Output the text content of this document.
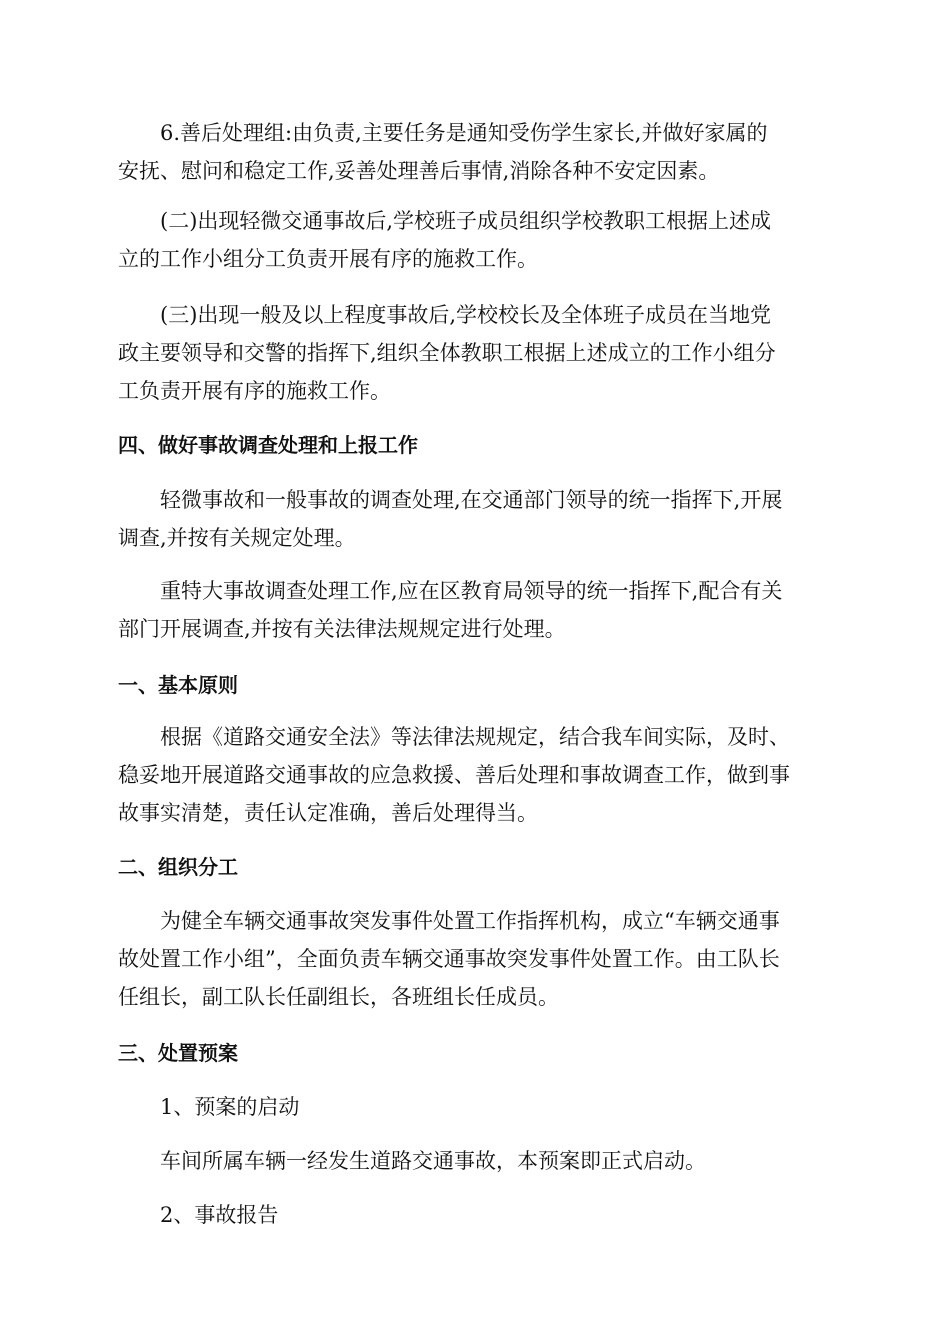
6.善后处理组:由负责,主要任务是通知受伤学生家长,并做好家属的
安抚、慰问和稳定工作,妥善处理善后事情,消除各种不安定因素。
(二)出现轻微交通事故后,学校班子成员组织学校教职工根据上述成
立的工作小组分工负责开展有序的施救工作。
(三)出现一般及以上程度事故后,学校校长及全体班子成员在当地党
政主要领导和交警的指挥下,组织全体教职工根据上述成立的工作小组分
工负责开展有序的施救工作。
四、做好事故调查处理和上报工作
轻微事故和一般事故的调查处理,在交通部门领导的统一指挥下,开展
调查,并按有关规定处理。
重特大事故调查处理工作,应在区教育局领导的统一指挥下,配合有关
部门开展调查,并按有关法律法规规定进行处理。
一、基本原则
根据《道路交通安全法》等法律法规规定，结合我车间实际，及时、
稳妥地开展道路交通事故的应急救援、善后处理和事故调查工作，做到事
故事实清楚，责任认定准确，善后处理得当。
二、组织分工
为健全车辆交通事故突发事件处置工作指挥机构，成立“车辆交通事
故处置工作小组”，全面负责车辆交通事故突发事件处置工作。由工队长
任组长，副工队长任副组长，各班组长任成员。
三、处置预案
1、预案的启动
车间所属车辆一经发生道路交通事故，本预案即正式启动。
2、事故报告
